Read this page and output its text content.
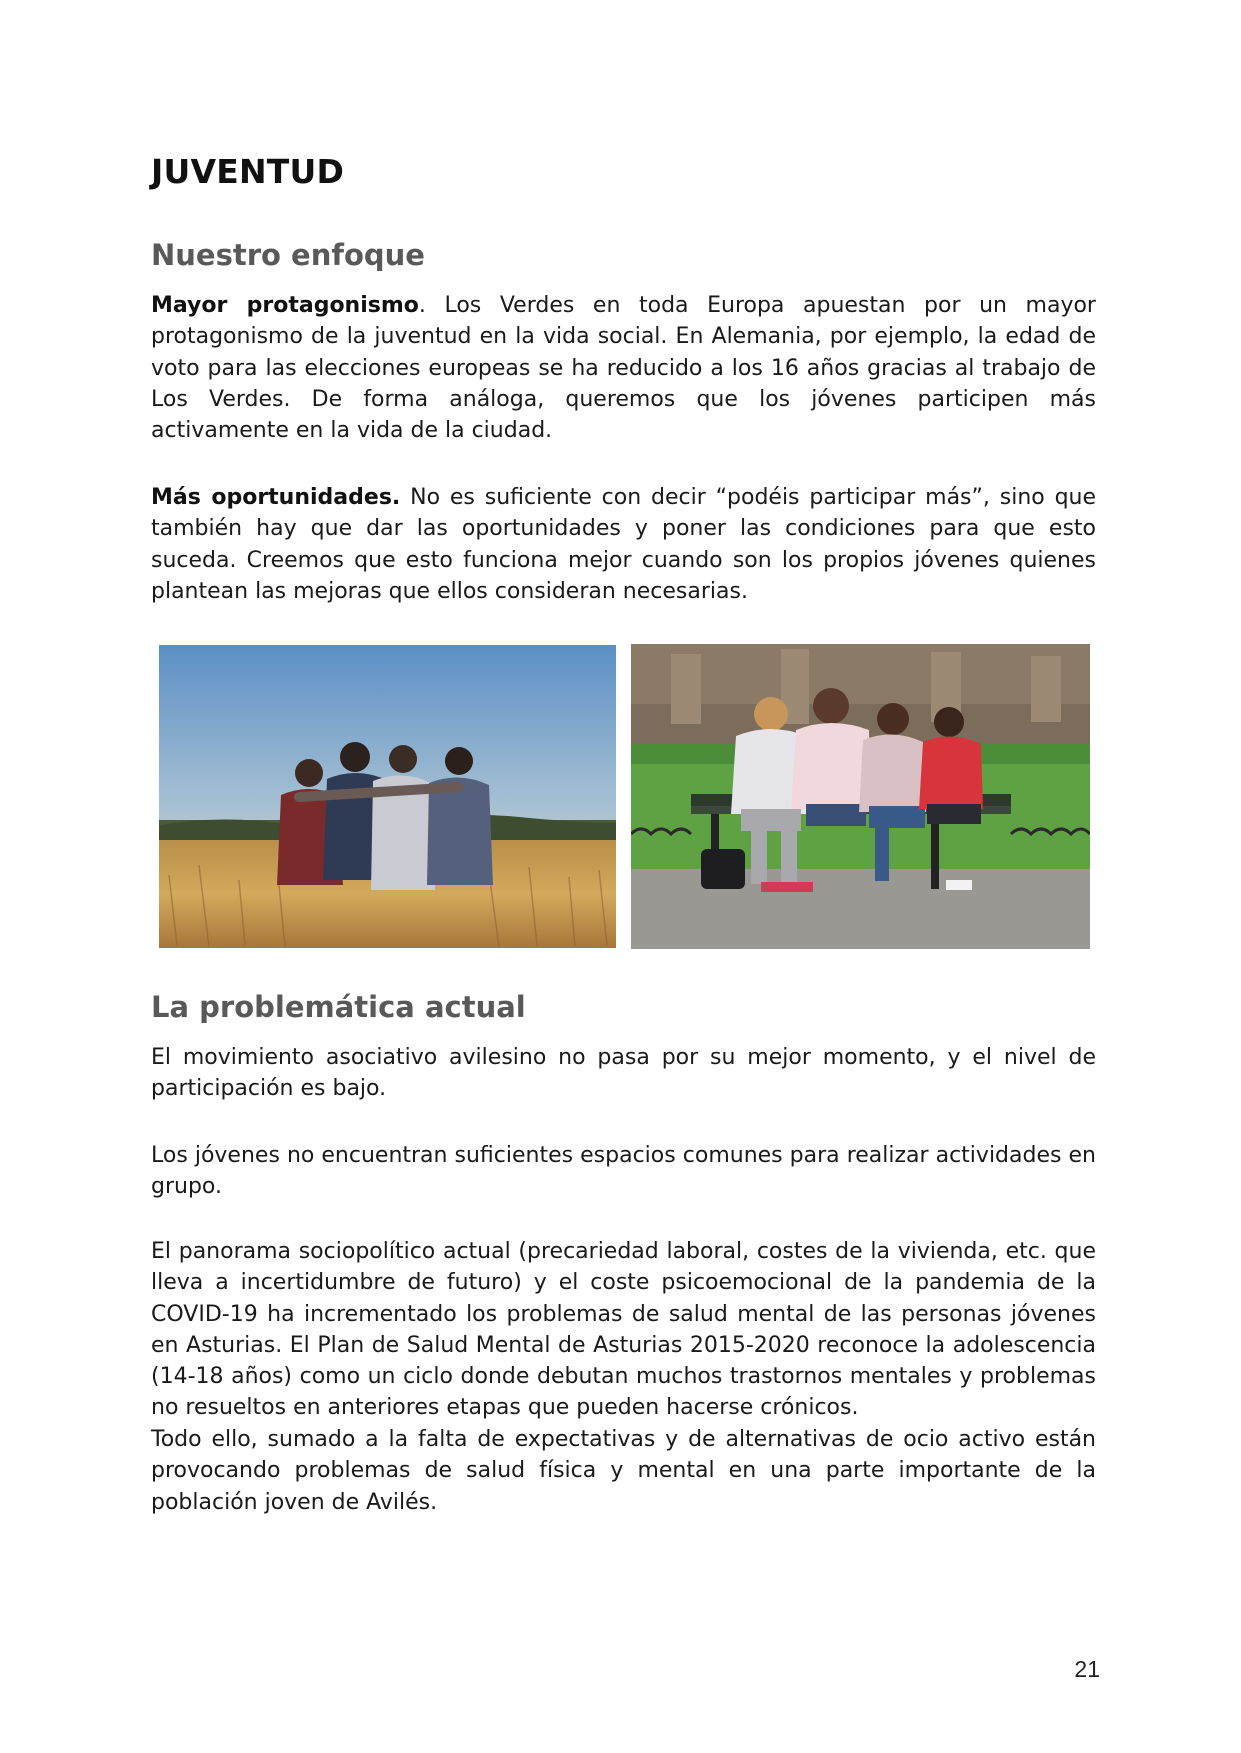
JUVENTUD
Nuestro enfoque

Mayor protagonismo. Los Verdes en toda Europa apuestan por un mayor protagonismo de la juventud en la vida social. En Alemania, por ejemplo, la edad de voto para las elecciones europeas se ha reducido a los 16 años gracias al trabajo de Los Verdes. De forma análoga, queremos que los jóvenes participen más activamente en la vida de la ciudad.

Más oportunidades. No es suficiente con decir “podéis participar más”, sino que también hay que dar las oportunidades y poner las condiciones para que esto suceda. Creemos que esto funciona mejor cuando son los propios jóvenes quienes plantean las mejoras que ellos consideran necesarias.

La problemática actual

El movimiento asociativo avilesino no pasa por su mejor momento, y el nivel de participación es bajo.

Los jóvenes no encuentran suficientes espacios comunes para realizar actividades en grupo.

El panorama sociopolítico actual (precariedad laboral, costes de la vivienda, etc. que lleva a incertidumbre de futuro) y el coste psicoemocional de la pandemia de la COVID-19 ha incrementado los problemas de salud mental de las personas jóvenes en Asturias. El Plan de Salud Mental de Asturias 2015-2020 reconoce la adolescencia (14-18 años) como un ciclo donde debutan muchos trastornos mentales y problemas no resueltos en anteriores etapas que pueden hacerse crónicos.

Todo ello, sumado a la falta de expectativas y de alternativas de ocio activo están provocando problemas de salud física y mental en una parte importante de la población joven de Avilés.

21
